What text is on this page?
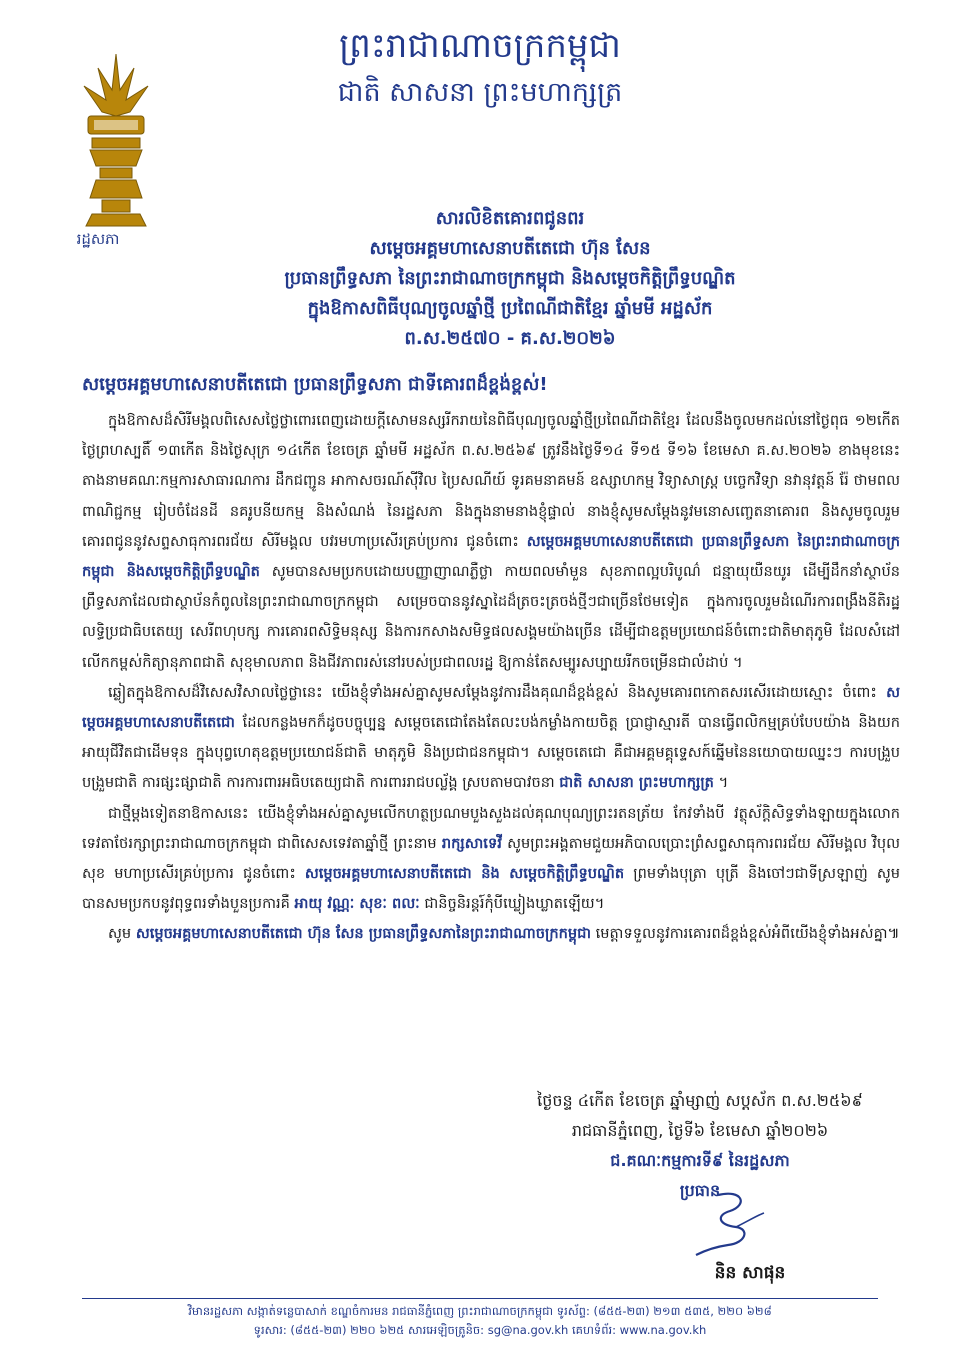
រដ្ឋសភា
ព្រះរាជាណាចក្រកម្ពុជា
ជាតិ សាសនា ព្រះមហាក្សត្រ
សារលិខិតគោរពជូនពរ
សម្តេចអគ្គមហាសេនាបតីតេជោ ហ៊ុន សែន
ប្រធានព្រឹទ្ធសភា នៃព្រះរាជាណាចក្រកម្ពុជា និងសម្តេចកិត្តិព្រឹទ្ធបណ្ឌិត
ក្នុងឱកាសពិធីបុណ្យចូលឆ្នាំថ្មី ប្រពៃណីជាតិខ្មែរ ឆ្នាំមមី អដ្ឋស័ក
ព.ស.២៥៧០ - គ.ស.២០២៦
សម្តេចអគ្គមហាសេនាបតីតេជោ ប្រធានព្រឹទ្ធសភា ជាទីគោរពដ៏ខ្ពង់ខ្ពស់!

ក្នុងឱកាសដ៏សិរីមង្គលពិសេសថ្លៃថ្លាពោរពេញដោយក្តីសោមនស្សរីករាយនៃពិធីបុណ្យចូលឆ្នាំថ្មីប្រពៃណីជាតិខ្មែរ ដែលនឹងចូលមកដល់នៅថ្ងៃពុធ ១២កើត ថ្ងៃព្រហស្បតិ៍ ១៣កើត និងថ្ងៃសុក្រ ១៤កើត ខែចេត្រ ឆ្នាំមមី អដ្ឋស័ក ព.ស.២៥៦៩ ត្រូវនឹងថ្ងៃទី១៤ ទី១៥ ទី១៦ ខែមេសា គ.ស.២០២៦ ខាងមុខនេះ តាងនាមគណៈកម្មការសាធារណការ ដឹកជញ្ជូន អាកាសចរណ៍ស៊ីវិល ប្រៃសណីយ៍ ទូរគមនាគមន៍ ឧស្សាហកម្ម វិទ្យាសាស្ត្រ បច្ចេកវិទ្យា នវានុវត្តន៍ រ៉ែ ថាមពល ពាណិជ្ជកម្ម រៀបចំដែនដី នគរូបនីយកម្ម និងសំណង់ នៃរដ្ឋសភា និងក្នុងនាមនាងខ្ញុំផ្ទាល់ នាងខ្ញុំសូមសម្តែងនូវមនោសញ្ចេតនាគោរព និងសូមចូលរួមគោរពជូននូវសព្ទសាធុការពរជ័យ សិរីមង្គល បវរមហាប្រសើរគ្រប់ប្រការ ជូនចំពោះ សម្តេចអគ្គមហាសេនាបតីតេជោ ប្រធានព្រឹទ្ធសភា នៃព្រះរាជាណាចក្រកម្ពុជា និងសម្តេចកិត្តិព្រឹទ្ធបណ្ឌិត សូមបានសមប្រកបដោយបញ្ញាញាណភ្លឺថ្លា កាយពលមាំមួន សុខភាពល្អបរិបូណ៌ ជន្មាយុយឺនយូរ ដើម្បីដឹកនាំស្ថាប័នព្រឹទ្ធសភាដែលជាស្ថាប័នកំពូលនៃព្រះរាជាណាចក្រកម្ពុជា សម្រេចបាននូវស្នាដៃដ៏ត្រចះត្រចង់ថ្មីៗជាច្រើនថែមទៀត ក្នុងការចូលរួមដំណើរការពង្រឹងនីតិរដ្ឋ លទ្ធិប្រជាធិបតេយ្យ សេរីពហុបក្ស ការគោរពសិទ្ធិមនុស្ស និងការកសាងសមិទ្ធផលសង្គមយ៉ាងច្រើន ដើម្បីជាឧត្តមប្រយោជន៍ចំពោះជាតិមាតុភូមិ ដែលសំដៅលើកកម្ពស់កិត្យានុភាពជាតិ សុខុមាលភាព និងជីវភាពរស់នៅរបស់ប្រជាពលរដ្ឋ ឱ្យកាន់តែសម្បូរសប្បាយរីកចម្រើនជាលំដាប់ ។

ឆ្លៀតក្នុងឱកាសដ៏វិសេសវិសាលថ្លៃថ្លានេះ យើងខ្ញុំទាំងអស់គ្នាសូមសម្តែងនូវការដឹងគុណដ៏ខ្ពង់ខ្ពស់ និងសូមគោរពកោតសរសើរដោយស្មោះ ចំពោះ សម្តេចអគ្គមហាសេនាបតីតេជោ ដែលកន្លងមកក៏ដូចបច្ចុប្បន្ន សម្តេចតេជោតែងតែលះបង់កម្លាំងកាយចិត្ត ប្រាជ្ញាស្មារតី បានធ្វើពលិកម្មគ្រប់បែបយ៉ាង និងយកអាយុជីវិតជាដើមទុន ក្នុងបុព្វហេតុឧត្តមប្រយោជន៍ជាតិ មាតុភូមិ និងប្រជាជនកម្ពុជា។ សម្តេចតេជោ គឺជាអគ្គមគ្គុទ្ទេសក៍ឆ្នើមនៃនយោបាយឈ្នះៗ ការបង្រួបបង្រួមជាតិ ការផ្សះផ្សាជាតិ ការការពារអធិបតេយ្យជាតិ ការពាររាជបល្ល័ង្គ ស្របតាមបាវចនា ជាតិ សាសនា ព្រះមហាក្សត្រ ។

ជាថ្មីម្តងទៀតនាឱកាសនេះ យើងខ្ញុំទាំងអស់គ្នាសូមលើកហត្ថប្រណមបួងសួងដល់គុណបុណ្យព្រះរតនត្រ័យ កែវទាំងបី វត្ថុស័ក្តិសិទ្ធទាំងឡាយក្នុងលោក ទេវតាថែរក្សាព្រះរាជាណាចក្រកម្ពុជា ជាពិសេសទេវតាឆ្នាំថ្មី ព្រះនាម រាក្សសាទេវី សូមព្រះអង្គតាមជួយអភិបាលប្រោះព្រំសព្ទសាធុការពរជ័យ សិរីមង្គល វិបុលសុខ មហាប្រសើរគ្រប់ប្រការ ជូនចំពោះ សម្តេចអគ្គមហាសេនាបតីតេជោ និង សម្តេចកិត្តិព្រឹទ្ធបណ្ឌិត ព្រមទាំងបុត្រា បុត្រី និងចៅៗជាទីស្រឡាញ់ សូមបានសមប្រកបនូវពុទ្ធពរទាំងបួនប្រការគឺ អាយុ វណ្ណៈ សុខៈ ពលៈ ជានិច្ចនិរន្តរ៍កុំបីឃ្លៀងឃ្លាតឡើយ។

សូម សម្តេចអគ្គមហាសេនាបតីតេជោ ហ៊ុន សែន ប្រធានព្រឹទ្ធសភានៃព្រះរាជាណាចក្រកម្ពុជា មេត្តាទទួលនូវការគោរពដ៏ខ្ពង់ខ្ពស់អំពីយើងខ្ញុំទាំងអស់គ្នា៕

ថ្ងៃចន្ទ ៤កើត ខែចេត្រ ឆ្នាំម្សាញ់ សប្តស័ក ព.ស.២៥៦៩
រាជធានីភ្នំពេញ, ថ្ងៃទី៦ ខែមេសា ឆ្នាំ២០២៦
ជ.គណៈកម្មការទី៩ នៃរដ្ឋសភា
ប្រធាន
និន សាផុន
វិមានរដ្ឋសភា សង្កាត់ទន្លេបាសាក់ ខណ្ឌចំការមន រាជធានីភ្នំពេញ ព្រះរាជាណាចក្រកម្ពុជា ទូរស័ព្ទ: (៨៥៥-២៣) ២១៣ ៥៣៥, ២២០ ៦២៨
ទូរសារ: (៨៥៥-២៣) ២២០ ៦២៥ សារអេឡិចត្រូនិច: sg@na.gov.kh គេហទំព័រ: www.na.gov.kh
